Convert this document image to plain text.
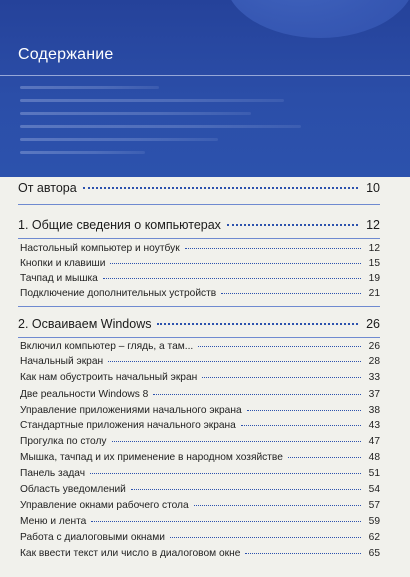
Содержание
От автора	10
1. Общие сведения о компьютерах	12
Настольный компьютер и ноутбук	12
Кнопки и клавиши	15
Тачпад и мышка	19
Подключение дополнительных устройств	21
2. Осваиваем Windows	26
Включил компьютер – глядь, а там...	26
Начальный экран	28
Как нам обустроить начальный экран	33
Две реальности Windows 8	37
Управление приложениями начального экрана	38
Стандартные приложения начального экрана	43
Прогулка по столу	47
Мышка, тачпад и их применение в народном хозяйстве	48
Панель задач	51
Область уведомлений	54
Управление окнами рабочего стола	57
Меню и лента	59
Работа с диалоговыми окнами	62
Как ввести текст или число в диалоговом окне	65
